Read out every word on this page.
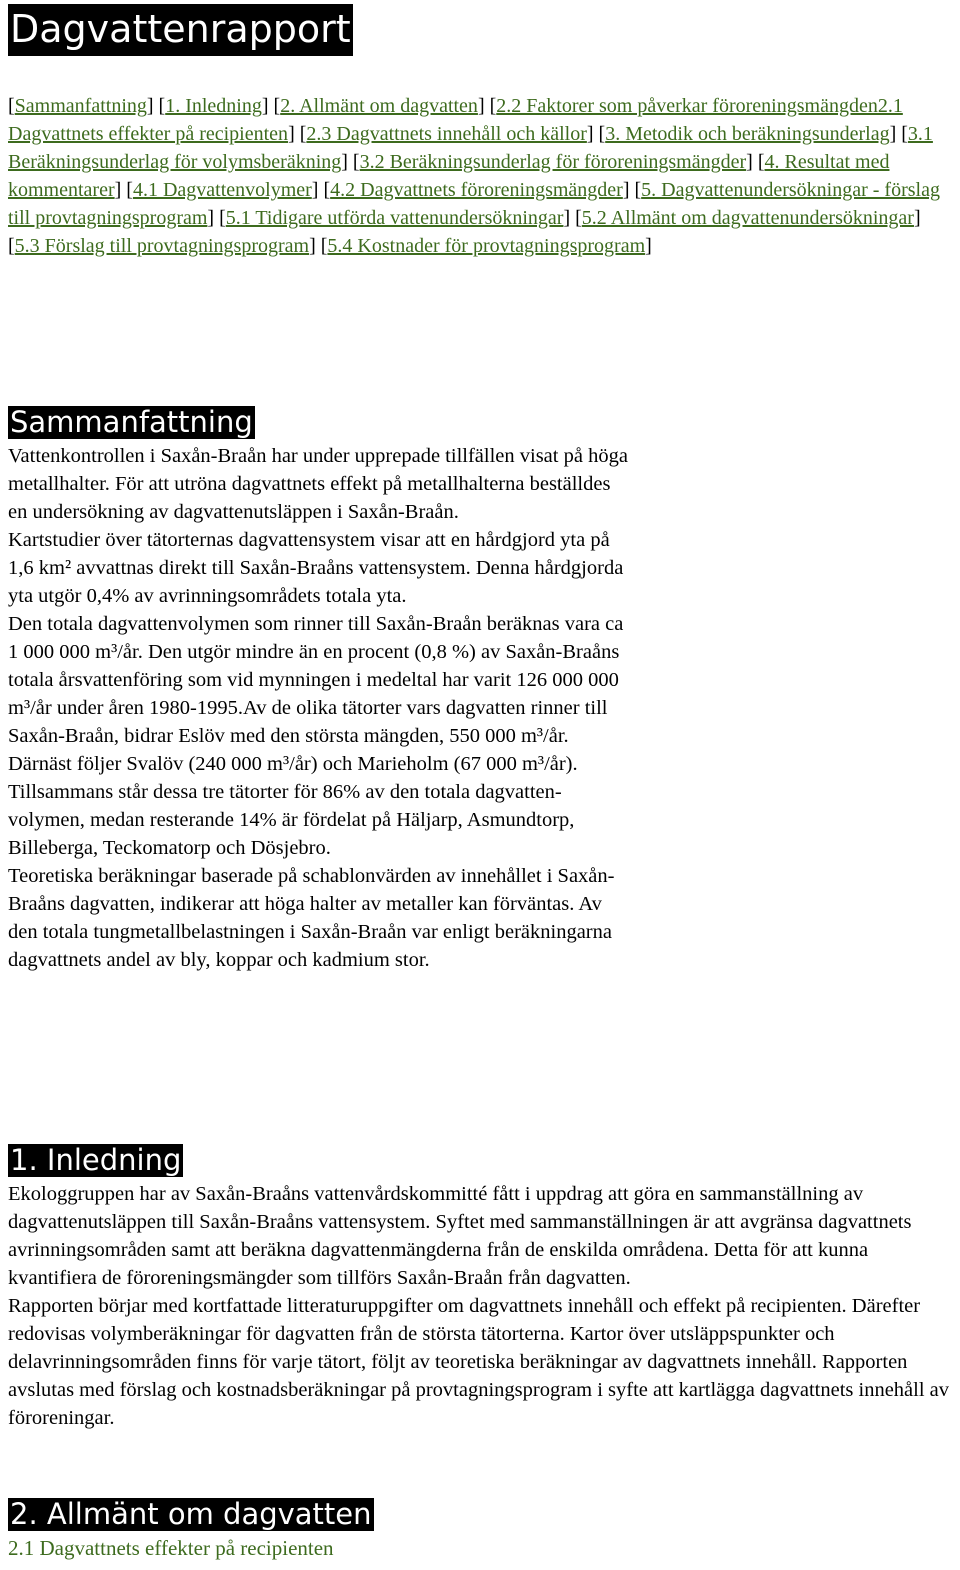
Dagvattenrapport
[Sammanfattning] [1. Inledning] [2. Allmänt om dagvatten] [2.2 Faktorer som påverkar föroreningsmängden2.1 Dagvattnets effekter på recipienten] [2.3 Dagvattnets innehåll och källor] [3. Metodik och beräkningsunderlag] [3.1 Beräkningsunderlag för volymsberäkning] [3.2 Beräkningsunderlag för föroreningsmängder] [4. Resultat med kommentarer] [4.1 Dagvattenvolymer] [4.2 Dagvattnets föroreningsmängder] [5. Dagvattenundersökningar - förslag till provtagningsprogram] [5.1 Tidigare utförda vattenundersökningar] [5.2 Allmänt om dagvattenundersökningar] [5.3 Förslag till provtagningsprogram] [5.4 Kostnader för provtagningsprogram]
Sammanfattning

Vattenkontrollen i Saxån-Braån har under upprepade tillfällen visat på höga metallhalter. För att utröna dagvattnets effekt på metallhalterna beställdes en undersökning av dagvattenutsläppen i Saxån-Braån.

Kartstudier över tätorternas dagvattensystem visar att en hårdgjord yta på 1,6 km² avvattnas direkt till Saxån-Braåns vattensystem. Denna hårdgjorda yta utgör 0,4% av avrinningsområdets totala yta.

Den totala dagvattenvolymen som rinner till Saxån-Braån beräknas vara ca 1 000 000 m³/år. Den utgör mindre än en procent (0,8 %) av Saxån-Braåns totala årsvattenföring som vid mynningen i medeltal har varit 126 000 000 m³/år under åren 1980-1995.Av de olika tätorter vars dagvatten rinner till Saxån-Braån, bidrar Eslöv med den största mängden, 550 000 m³/år. Därnäst följer Svalöv (240 000 m³/år) och Marieholm (67 000 m³/år). Tillsammans står dessa tre tätorter för 86% av den totala dagvatten-volymen, medan resterande 14% är fördelat på Häljarp, Asmundtorp, Billeberga, Teckomatorp och Dösjebro.

Teoretiska beräkningar baserade på schablonvärden av innehållet i Saxån-Braåns dagvatten, indikerar att höga halter av metaller kan förväntas. Av den totala tungmetallbelastningen i Saxån-Braån var enligt beräkningarna dagvattnets andel av bly, koppar och kadmium stor.

1. Inledning

Ekologgruppen har av Saxån-Braåns vattenvårdskommitté fått i uppdrag att göra en sammanställning av dagvattenutsläppen till Saxån-Braåns vattensystem. Syftet med sammanställningen är att avgränsa dagvattnets avrinningsområden samt att beräkna dagvattenmängderna från de enskilda områdena. Detta för att kunna kvantifiera de föroreningsmängder som tillförs Saxån-Braån från dagvatten.

Rapporten börjar med kortfattade litteraturuppgifter om dagvattnets innehåll och effekt på recipienten. Därefter redovisas volymberäkningar för dagvatten från de största tätorterna. Kartor över utsläppspunkter och delavrinningsområden finns för varje tätort, följt av teoretiska beräkningar av dagvattnets innehåll. Rapporten avslutas med förslag och kostnadsberäkningar på provtagningsprogram i syfte att kartlägga dagvattnets innehåll av föroreningar.

2. Allmänt om dagvatten
2.1 Dagvattnets effekter på recipienten
